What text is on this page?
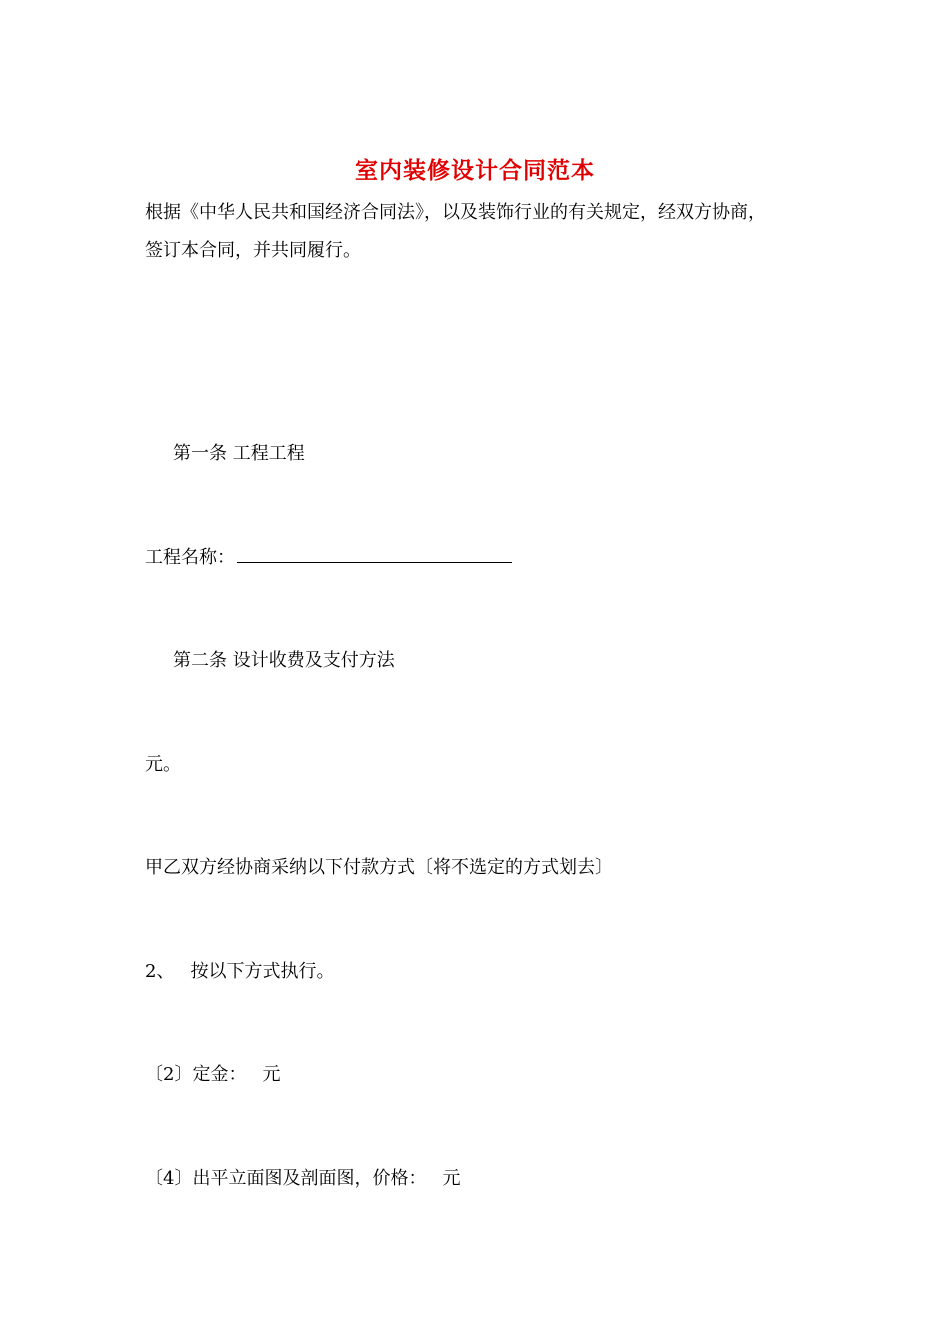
室内装修设计合同范本
根据《中华人民共和国经济合同法》，以及装饰行业的有关规定，经双方协商，
签订本合同，并共同履行。
第一条 工程工程
工程名称：
第二条 设计收费及支付方法
元。
甲乙双方经协商采纳以下付款方式〔将不选定的方式划去〕
2、 按以下方式执行。
〔2〕定金： 元
〔4〕出平立面图及剖面图，价格： 元
